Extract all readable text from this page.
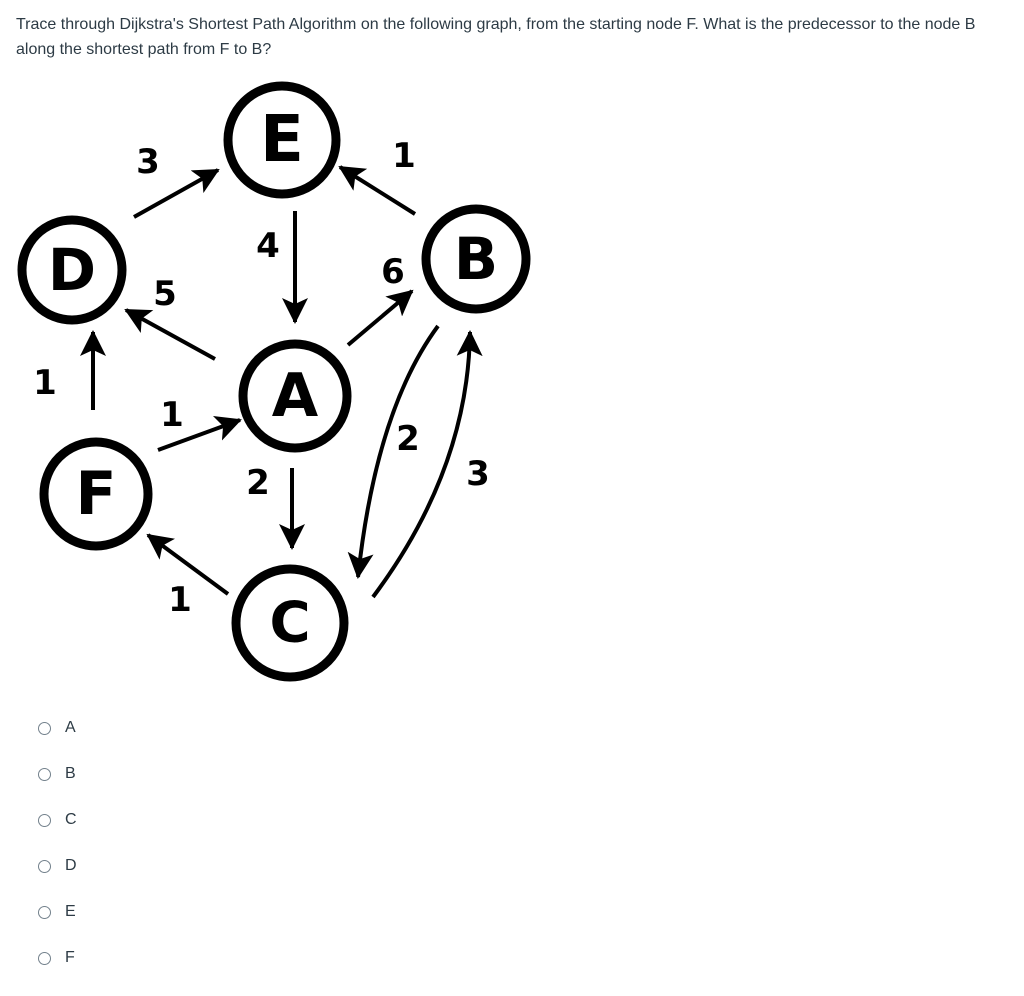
Trace through Dijkstra's Shortest Path Algorithm on the following graph, from the starting node F. What is the predecessor to the node B along the shortest path from F to B?
3	1
4
5
6
1
1
2
2
3
1
E
D	B
A
F
C
A
B
C
D
E
F
